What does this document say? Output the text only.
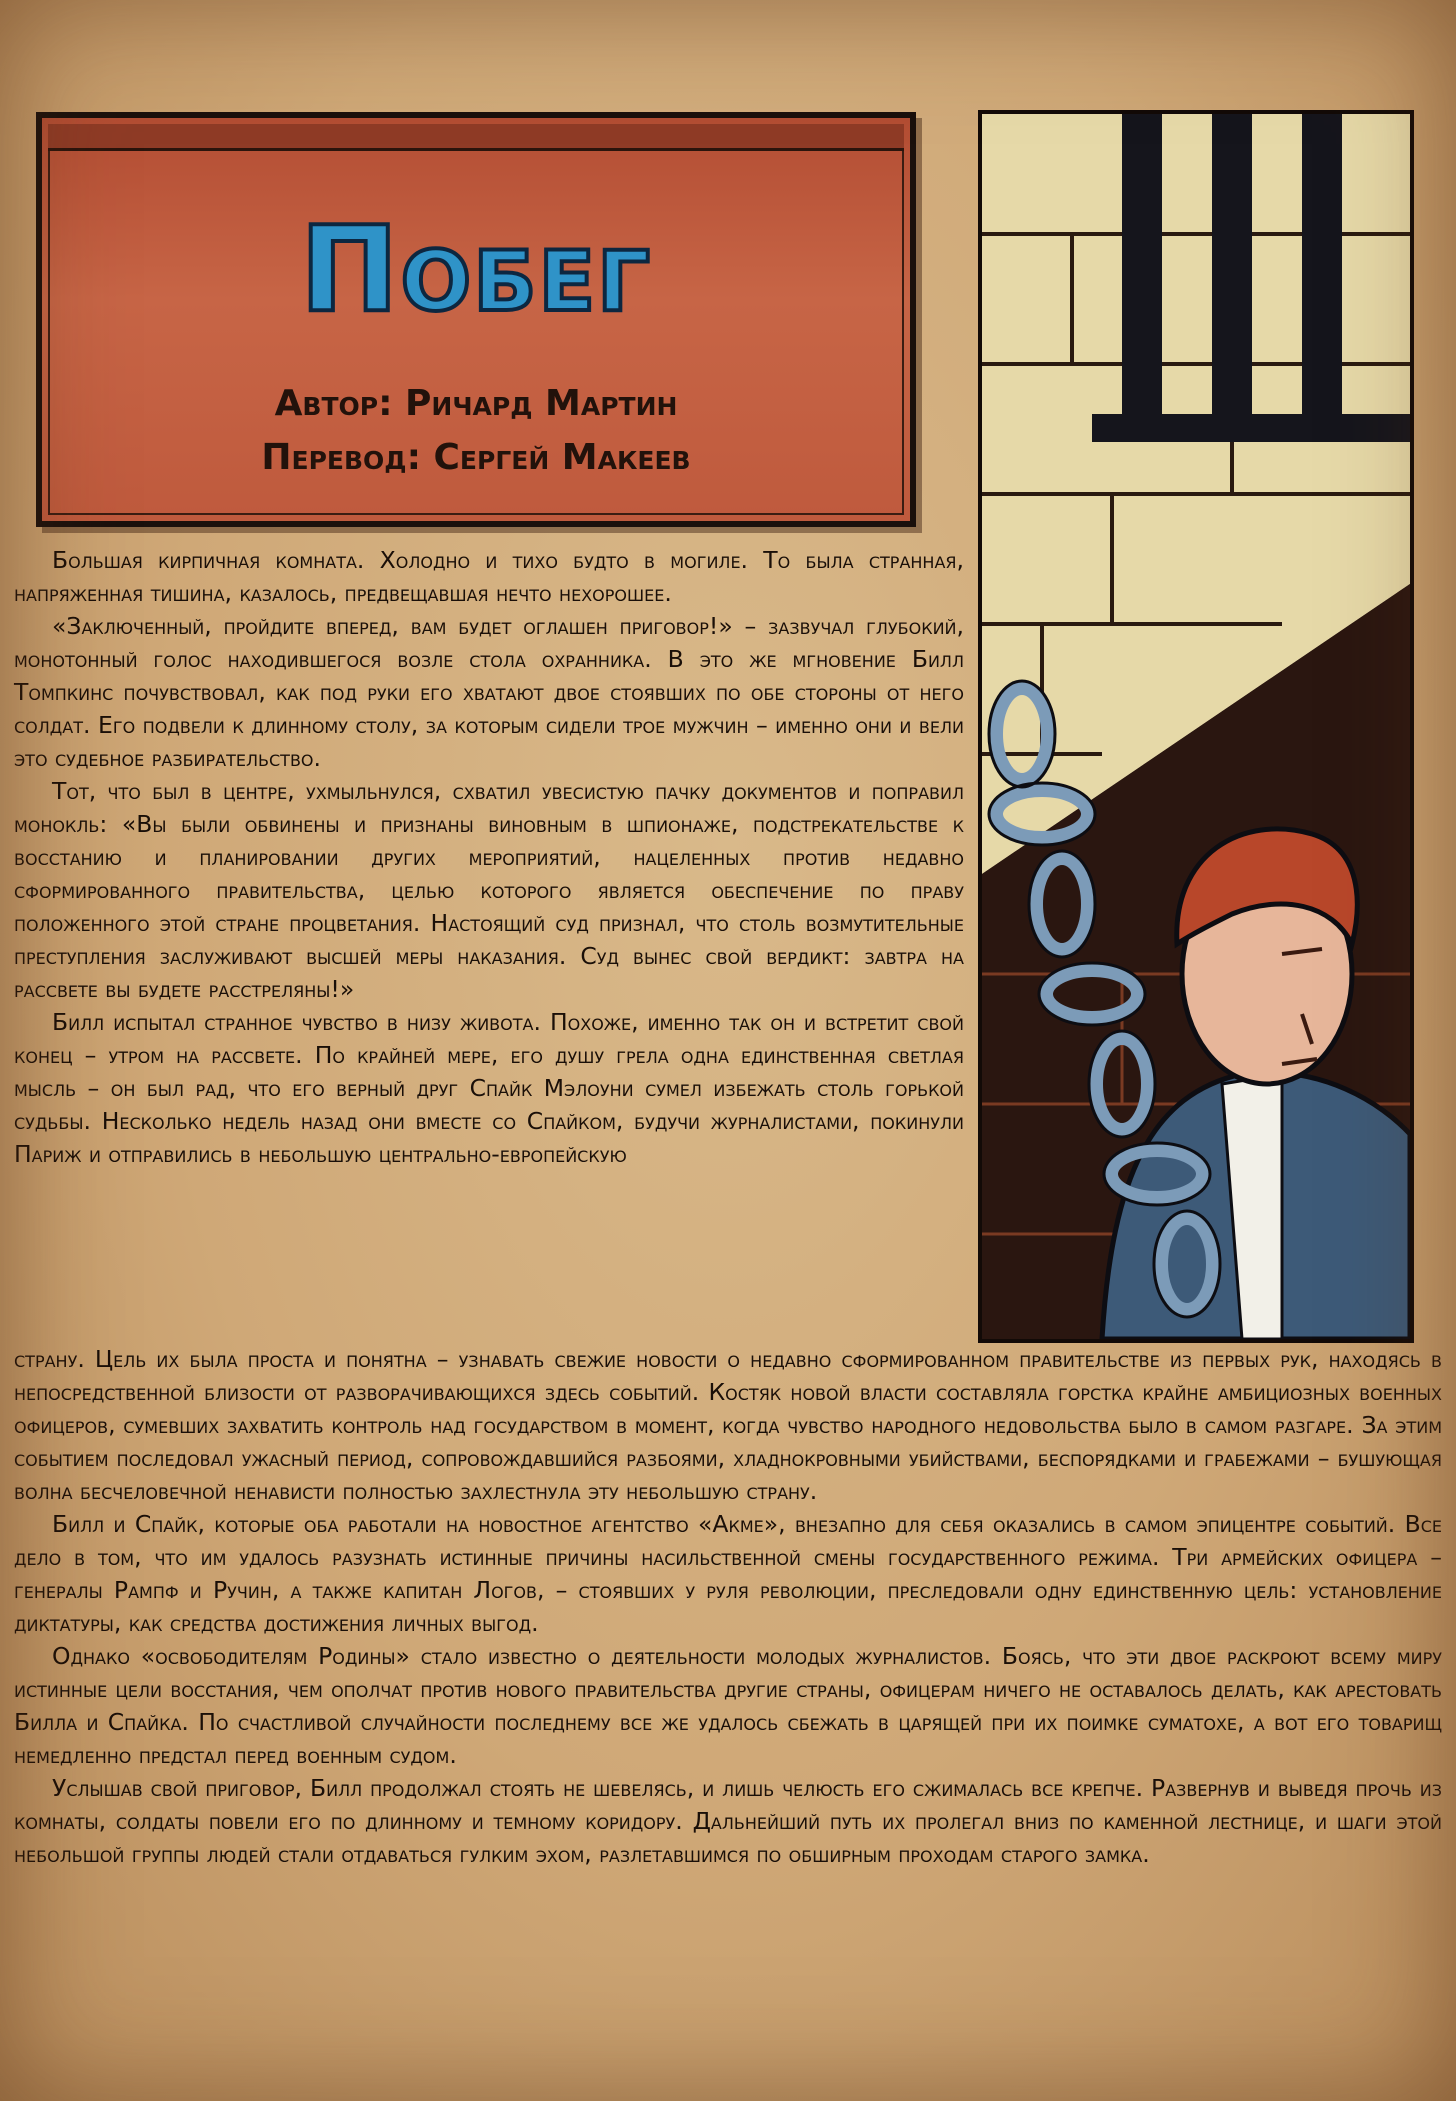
Побег
Автор: Ричард Мартин
Перевод: Сергей Макеев

Большая кирпичная комната. Холодно и тихо будто в могиле. То была странная, напряженная тишина, казалось, предвещавшая нечто нехорошее.

«Заключенный, пройдите вперед, вам будет оглашен приговор!» – зазвучал глубокий, монотонный голос находившегося возле стола охранника. В это же мгновение Билл Томпкинс почувствовал, как под руки его хватают двое стоявших по обе стороны от него солдат. Его подвели к длинному столу, за которым сидели трое мужчин – именно они и вели это судебное разбирательство.

Тот, что был в центре, ухмыльнулся, схватил увесистую пачку документов и поправил монокль: «Вы были обвинены и признаны виновным в шпионаже, подстрекательстве к восстанию и планировании других мероприятий, нацеленных против недавно сформированного правительства, целью которого является обеспечение по праву положенного этой стране процветания. Настоящий суд признал, что столь возмутительные преступления заслуживают высшей меры наказания. Суд вынес свой вердикт: завтра на рассвете вы будете расстреляны!»

Билл испытал странное чувство в низу живота. Похоже, именно так он и встретит свой конец – утром на рассвете. По крайней мере, его душу грела одна единственная светлая мысль – он был рад, что его верный друг Спайк Мэлоуни сумел избежать столь горькой судьбы. Несколько недель назад они вместе со Спайком, будучи журналистами, покинули Париж и отправились в небольшую центрально-европейскую

страну. Цель их была проста и понятна – узнавать свежие новости о недавно сформированном правительстве из первых рук, находясь в непосредственной близости от разворачивающихся здесь событий. Костяк новой власти составляла горстка крайне амбициозных военных офицеров, сумевших захватить контроль над государством в момент, когда чувство народного недовольства было в самом разгаре. За этим событием последовал ужасный период, сопровождавшийся разбоями, хладнокровными убийствами, беспорядками и грабежами – бушующая волна бесчеловечной ненависти полностью захлестнула эту небольшую страну.

Билл и Спайк, которые оба работали на новостное агентство «Акме», внезапно для себя оказались в самом эпицентре событий. Все дело в том, что им удалось разузнать истинные причины насильственной смены государственного режима. Три армейских офицера – генералы Рампф и Ручин, а также капитан Логов, – стоявших у руля революции, преследовали одну единственную цель: установление диктатуры, как средства достижения личных выгод.

Однако «освободителям Родины» стало известно о деятельности молодых журналистов. Боясь, что эти двое раскроют всему миру истинные цели восстания, чем ополчат против нового правительства другие страны, офицерам ничего не оставалось делать, как арестовать Билла и Спайка. По счастливой случайности последнему все же удалось сбежать в царящей при их поимке суматохе, а вот его товарищ немедленно предстал перед военным судом.

Услышав свой приговор, Билл продолжал стоять не шевелясь, и лишь челюсть его сжималась все крепче. Развернув и выведя прочь из комнаты, солдаты повели его по длинному и темному коридору. Дальнейший путь их пролегал вниз по каменной лестнице, и шаги этой небольшой группы людей стали отдаваться гулким эхом, разлетавшимся по обширным проходам старого замка.
